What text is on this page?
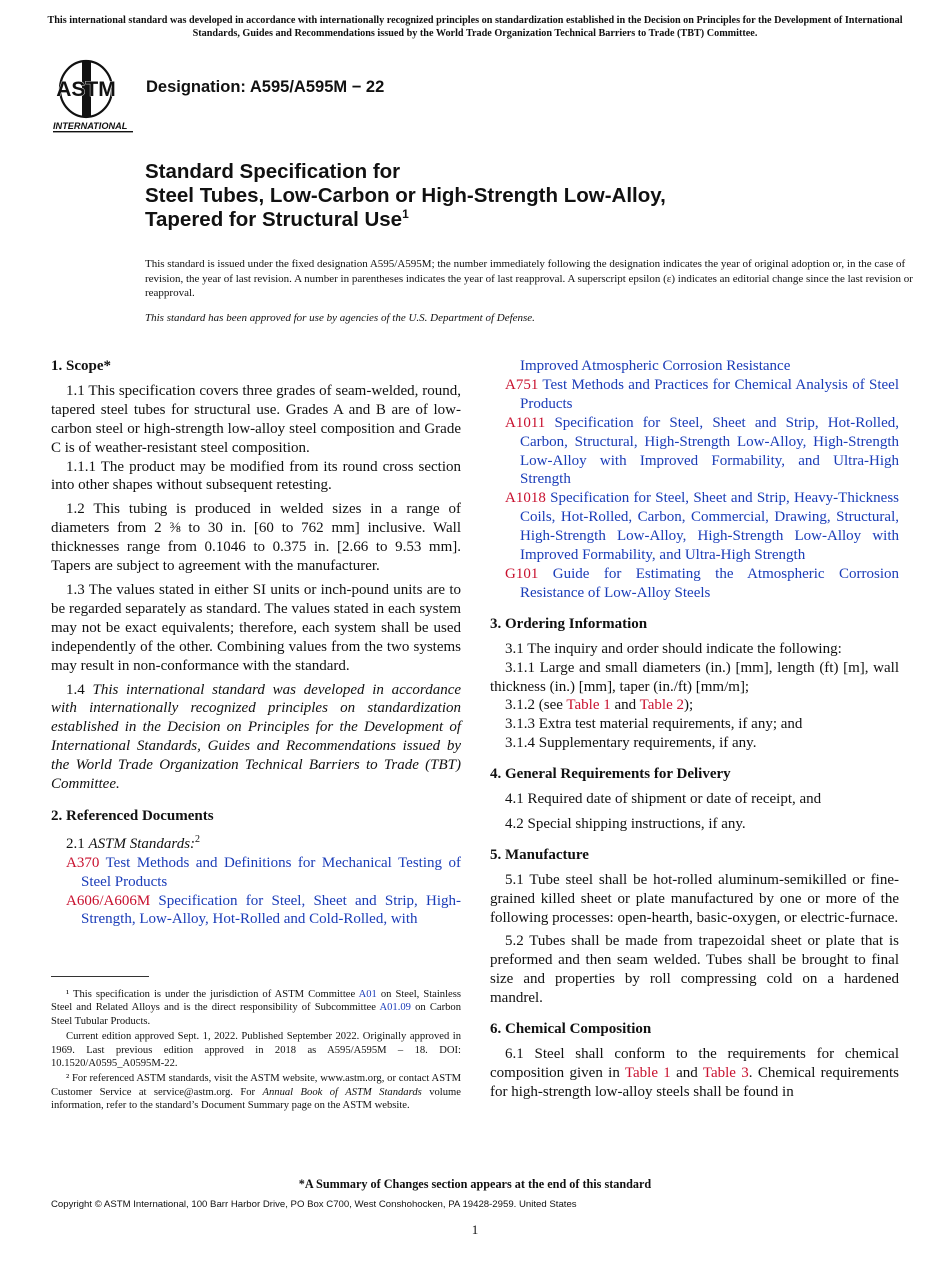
This international standard was developed in accordance with internationally recognized principles on standardization established in the Decision on Principles for the Development of International Standards, Guides and Recommendations issued by the World Trade Organization Technical Barriers to Trade (TBT) Committee.
ASTM
INTERNATIONAL
Designation: A595/A595M − 22
Standard Specification for
Steel Tubes, Low-Carbon or High-Strength Low-Alloy,
Tapered for Structural Use$^1$
This standard is issued under the fixed designation A595/A595M; the number immediately following the designation indicates the year of original adoption or, in the case of revision, the year of last revision. A number in parentheses indicates the year of last reapproval. A superscript epsilon (ε) indicates an editorial change since the last revision or reapproval.
This standard has been approved for use by agencies of the U.S. Department of Defense.

1. Scope*

1.1 This specification covers three grades of seam-welded, round, tapered steel tubes for structural use. Grades A and B are of low-carbon steel or high-strength low-alloy steel composition and Grade C is of weather-resistant steel composition.

1.1.1 The product may be modified from its round cross section into other shapes without subsequent retesting.

1.2 This tubing is produced in welded sizes in a range of diameters from 2 ⅜ to 30 in. [60 to 762 mm] inclusive. Wall thicknesses range from 0.1046 to 0.375 in. [2.66 to 9.53 mm]. Tapers are subject to agreement with the manufacturer.

1.3 The values stated in either SI units or inch-pound units are to be regarded separately as standard. The values stated in each system may not be exact equivalents; therefore, each system shall be used independently of the other. Combining values from the two systems may result in non-conformance with the standard.

1.4 This international standard was developed in accordance with internationally recognized principles on standardization established in the Decision on Principles for the Development of International Standards, Guides and Recommendations issued by the World Trade Organization Technical Barriers to Trade (TBT) Committee.

2. Referenced Documents

2.1 ASTM Standards:$^2$

A370 Test Methods and Definitions for Mechanical Testing of Steel Products

A606/A606M Specification for Steel, Sheet and Strip, High-Strength, Low-Alloy, Hot-Rolled and Cold-Rolled, with

¹ This specification is under the jurisdiction of ASTM Committee A01 on Steel, Stainless Steel and Related Alloys and is the direct responsibility of Subcommittee A01.09 on Carbon Steel Tubular Products.

Current edition approved Sept. 1, 2022. Published September 2022. Originally approved in 1969. Last previous edition approved in 2018 as A595/A595M – 18. DOI: 10.1520/A0595_A0595M-22.

² For referenced ASTM standards, visit the ASTM website, www.astm.org, or contact ASTM Customer Service at service@astm.org. For Annual Book of ASTM Standards volume information, refer to the standard’s Document Summary page on the ASTM website.

Improved Atmospheric Corrosion Resistance

A751 Test Methods and Practices for Chemical Analysis of Steel Products

A1011 Specification for Steel, Sheet and Strip, Hot-Rolled, Carbon, Structural, High-Strength Low-Alloy, High-Strength Low-Alloy with Improved Formability, and Ultra-High Strength

A1018 Specification for Steel, Sheet and Strip, Heavy-Thickness Coils, Hot-Rolled, Carbon, Commercial, Drawing, Structural, High-Strength Low-Alloy, High-Strength Low-Alloy with Improved Formability, and Ultra-High Strength

G101 Guide for Estimating the Atmospheric Corrosion Resistance of Low-Alloy Steels

3. Ordering Information

3.1 The inquiry and order should indicate the following:

3.1.1 Large and small diameters (in.) [mm], length (ft) [m], wall thickness (in.) [mm], taper (in./ft) [mm/m];

3.1.2 (see Table 1 and Table 2);

3.1.3 Extra test material requirements, if any; and

3.1.4 Supplementary requirements, if any.

4. General Requirements for Delivery

4.1 Required date of shipment or date of receipt, and

4.2 Special shipping instructions, if any.

5. Manufacture

5.1 Tube steel shall be hot-rolled aluminum-semikilled or fine-grained killed sheet or plate manufactured by one or more of the following processes: open-hearth, basic-oxygen, or electric-furnace.

5.2 Tubes shall be made from trapezoidal sheet or plate that is preformed and then seam welded. Tubes shall be brought to final size and properties by roll compressing cold on a hardened mandrel.

6. Chemical Composition

6.1 Steel shall conform to the requirements for chemical composition given in Table 1 and Table 3. Chemical requirements for high-strength low-alloy steels shall be found in

*A Summary of Changes section appears at the end of this standard
Copyright © ASTM International, 100 Barr Harbor Drive, PO Box C700, West Conshohocken, PA 19428-2959. United States
1
